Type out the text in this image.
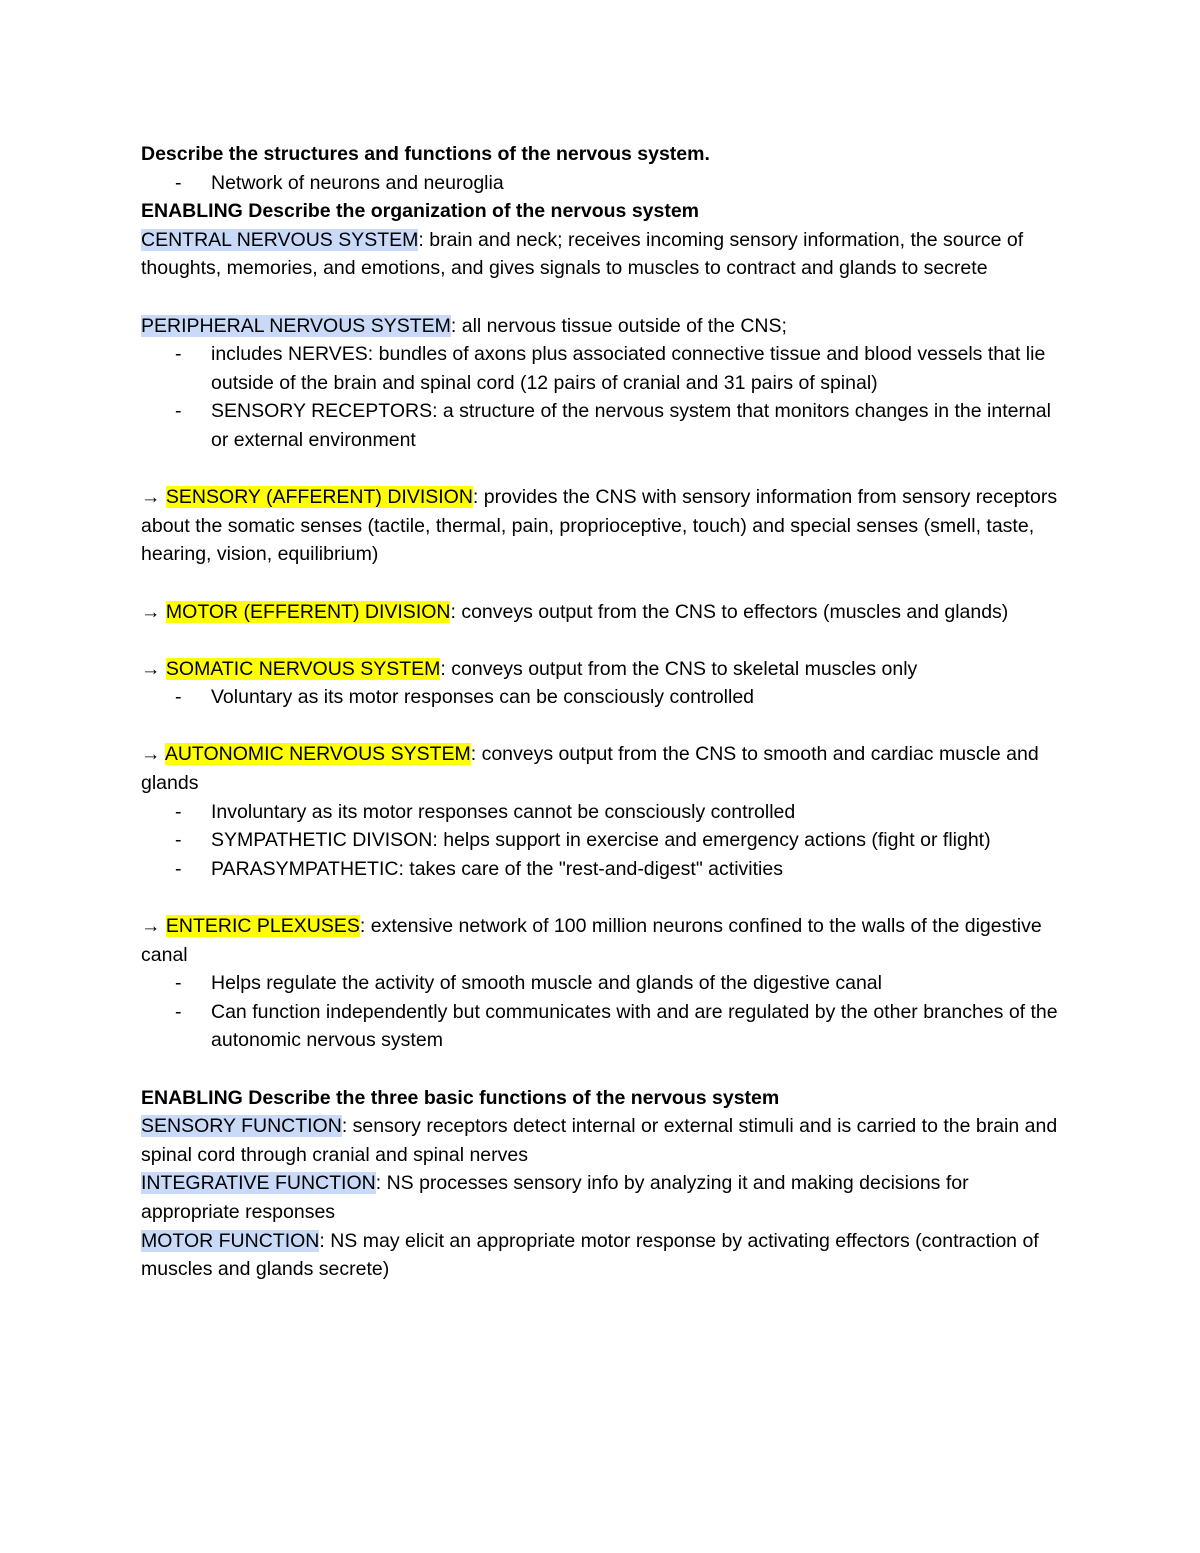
Describe the structures and functions of the nervous system.

- Network of neurons and neuroglia

ENABLING Describe the organization of the nervous system

CENTRAL NERVOUS SYSTEM: brain and neck; receives incoming sensory information, the source of thoughts, memories, and emotions, and gives signals to muscles to contract and glands to secrete

PERIPHERAL NERVOUS SYSTEM: all nervous tissue outside of the CNS;

- includes NERVES: bundles of axons plus associated connective tissue and blood vessels that lie outside of the brain and spinal cord (12 pairs of cranial and 31 pairs of spinal)
- SENSORY RECEPTORS: a structure of the nervous system that monitors changes in the internal or external environment

→ SENSORY (AFFERENT) DIVISION: provides the CNS with sensory information from sensory receptors about the somatic senses (tactile, thermal, pain, proprioceptive, touch) and special senses (smell, taste, hearing, vision, equilibrium)

→ MOTOR (EFFERENT) DIVISION: conveys output from the CNS to effectors (muscles and glands)

→ SOMATIC NERVOUS SYSTEM: conveys output from the CNS to skeletal muscles only

- Voluntary as its motor responses can be consciously controlled

→ AUTONOMIC NERVOUS SYSTEM: conveys output from the CNS to smooth and cardiac muscle and glands

- Involuntary as its motor responses cannot be consciously controlled
- SYMPATHETIC DIVISON: helps support in exercise and emergency actions (fight or flight)
- PARASYMPATHETIC: takes care of the "rest-and-digest" activities

→ ENTERIC PLEXUSES: extensive network of 100 million neurons confined to the walls of the digestive canal

- Helps regulate the activity of smooth muscle and glands of the digestive canal
- Can function independently but communicates with and are regulated by the other branches of the autonomic nervous system

ENABLING Describe the three basic functions of the nervous system

SENSORY FUNCTION: sensory receptors detect internal or external stimuli and is carried to the brain and spinal cord through cranial and spinal nerves

INTEGRATIVE FUNCTION: NS processes sensory info by analyzing it and making decisions for appropriate responses

MOTOR FUNCTION: NS may elicit an appropriate motor response by activating effectors (contraction of muscles and glands secrete)
